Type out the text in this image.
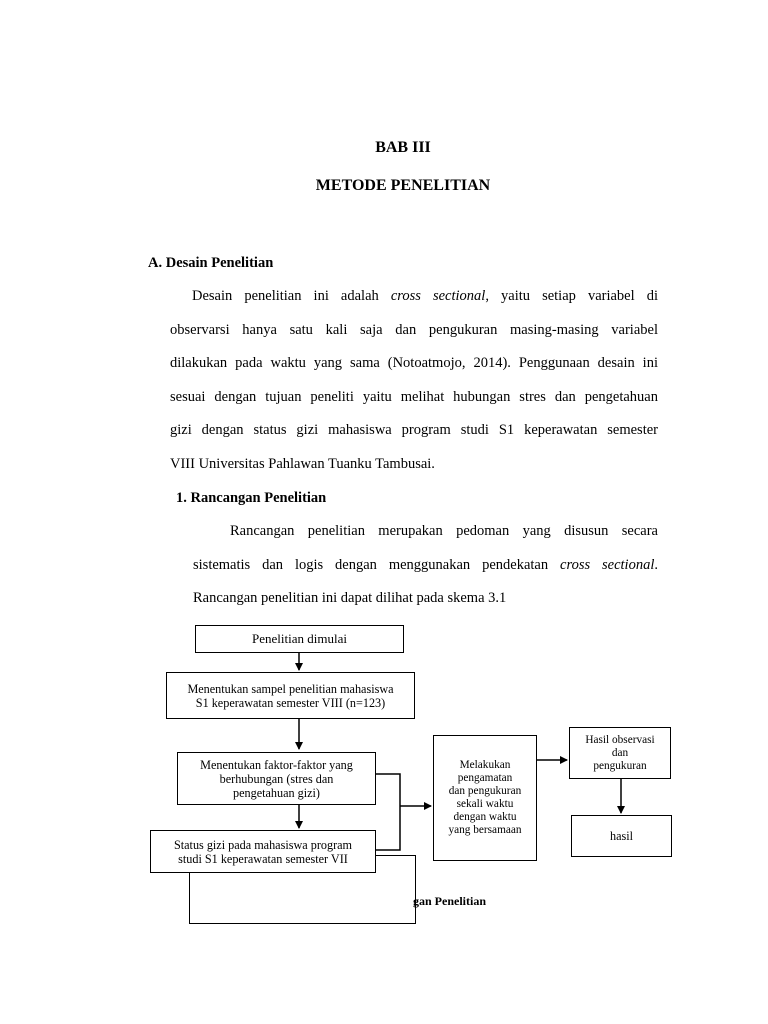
BAB III
METODE PENELITIAN
A. Desain Penelitian
Desain penelitian ini adalah cross sectional, yaitu setiap variabel di
observarsi hanya satu kali saja dan pengukuran masing-masing variabel
dilakukan pada waktu yang sama (Notoatmojo, 2014). Penggunaan desain ini
sesuai dengan tujuan peneliti yaitu melihat hubungan stres dan pengetahuan
gizi dengan status gizi mahasiswa program studi S1 keperawatan semester
VIII Universitas Pahlawan Tuanku Tambusai.
1. Rancangan Penelitian
Rancangan penelitian merupakan pedoman yang disusun secara
sistematis dan logis dengan menggunakan pendekatan cross sectional.
Rancangan penelitian ini dapat dilihat pada skema 3.1
Penelitian dimulai
Menentukan sampel penelitian mahasiswa
S1 keperawatan semester VIII (n=123)
Menentukan faktor-faktor yang
berhubungan (stres dan
pengetahuan gizi)
Status gizi pada mahasiswa program
studi S1 keperawatan semester VII
Melakukan
pengamatan
dan pengukuran
sekali waktu
dengan waktu
yang bersamaan
Hasil observasi
dan
pengukuran
hasil
gan Penelitian
